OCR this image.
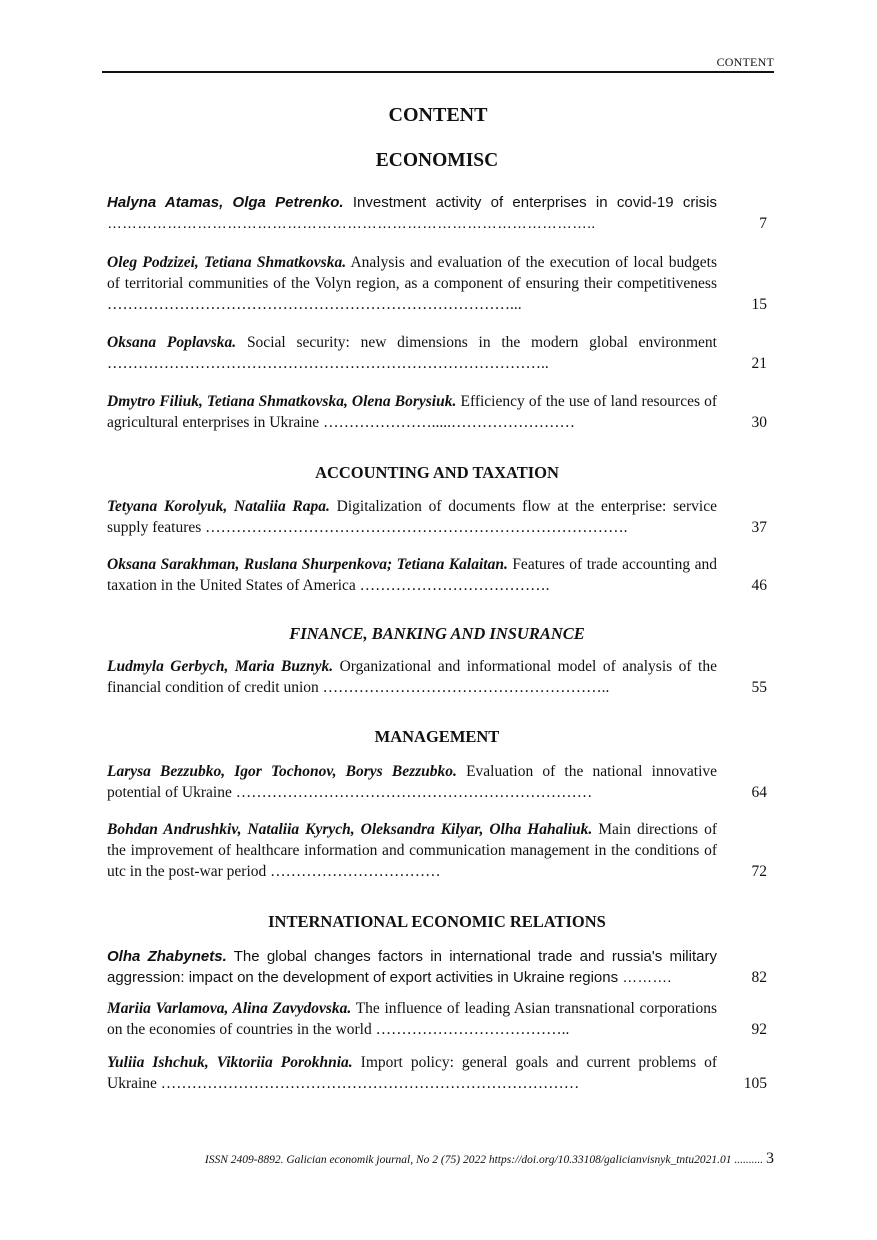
CONTENT
CONTENT
ECONOMISC
Halyna Atamas, Olga Petrenko. Investment activity of enterprises in covid-19 crisis ……………………………………………………………………………………..	7
Oleg Podzizei, Tetiana Shmatkovska. Analysis and evaluation of the execution of local budgets of territorial communities of the Volyn region, as a component of ensuring their competitiveness ……………………………………………………………………...	15
Oksana Poplavska. Social security: new dimensions in the modern global environment …………………………………………………………………………..	21
Dmytro Filiuk, Tetiana Shmatkovska, Olena Borysiuk. Efficiency of the use of land resources of agricultural enterprises in Ukraine ………………….....……………………	30
ACCOUNTING AND TAXATION
Tetyana Korolyuk, Nataliia Rapa. Digitalization of documents flow at the enterprise: service supply features ……………………………………………………………………….	37
Oksana Sarakhman, Ruslana Shurpenkova; Tetiana Kalaitan. Features of trade accounting and taxation in the United States of America ……………………………….	46
FINANCE, BANKING AND INSURANCE
Ludmyla Gerbych, Maria Buznyk. Organizational and informational model of analysis of the financial condition of credit union ………………………………………………..	55
MANAGEMENT
Larysa Bezzubko, Igor Tochonov, Borys Bezzubko. Evaluation of the national innovative potential of Ukraine ……………………………………………………………	64
Bohdan Andrushkiv, Nataliia Kyrych, Oleksandra Kilyar, Olha Hahaliuk. Main directions of the improvement of healthcare information and communication management in the conditions of utc in the post-war period ……………………………	72
INTERNATIONAL ECONOMIC RELATIONS
Olha Zhabynets. The global changes factors in international trade and russia's military aggression: impact on the development of export activities in Ukraine regions ……….	82
Mariia Varlamova, Alina Zavydovska. The influence of leading Asian transnational corporations on the economies of countries in the world ………………………………..	92
Yuliia Ishchuk, Viktoriia Porokhnia. Import policy: general goals and current problems of Ukraine ………………………………………………………………………	105
ISSN 2409-8892. Galician economik journal, No 2 (75) 2022 https://doi.org/10.33108/galicianvisnyk_tntu2021.01 .......... 3
